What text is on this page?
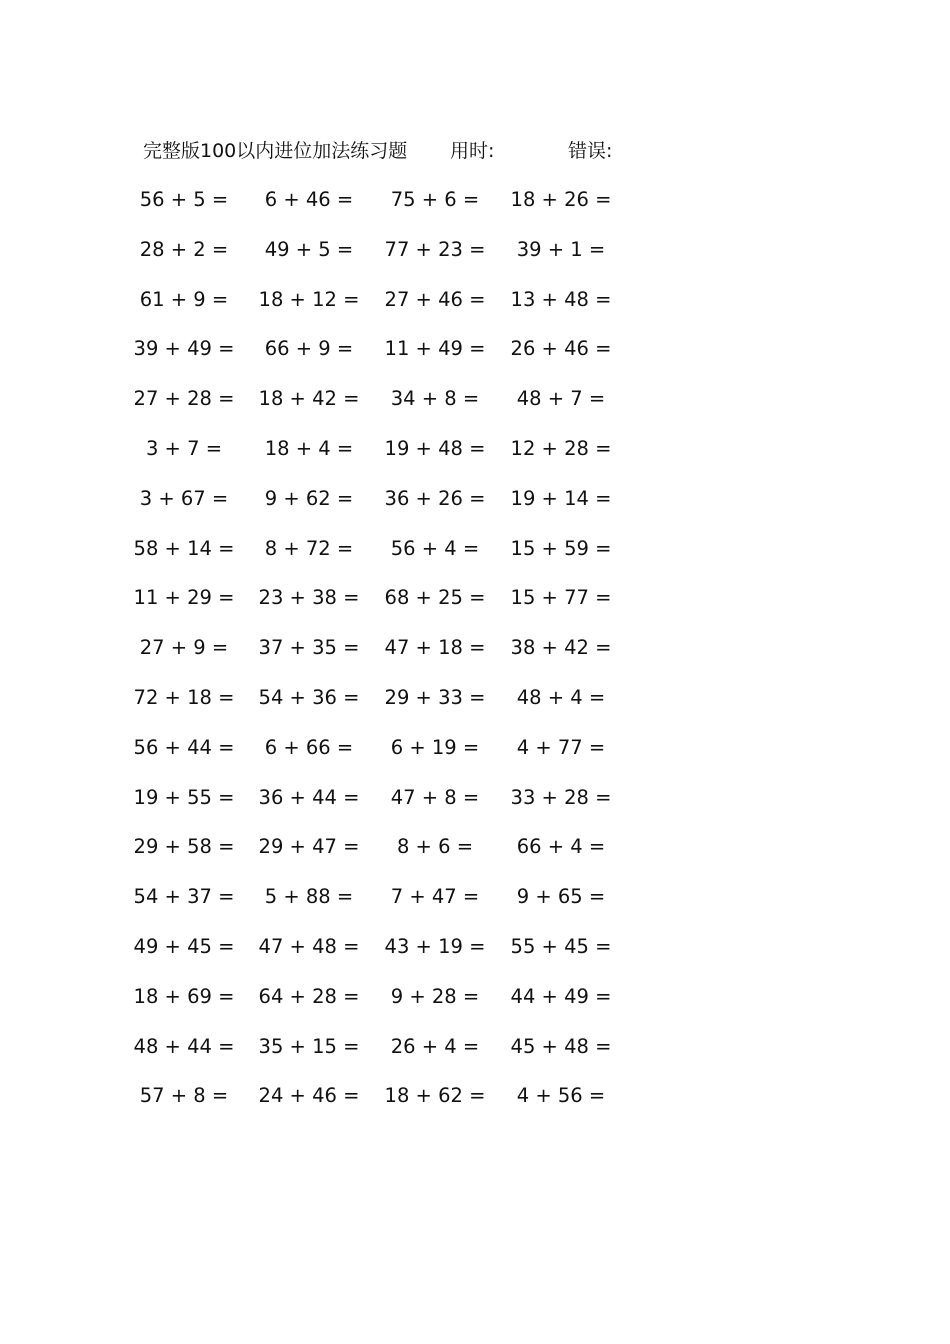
完整版100以内进位加法练习题 用时:	错误:
56 + 5 =	6 + 46 =	75 + 6 =	18 + 26 =
28 + 2 =	49 + 5 =	77 + 23 =	39 + 1 =
61 + 9 =	18 + 12 = 27 + 46 = 13 + 48 =
39 + 49 =	66 + 9 =	11 + 49 = 26 + 46 =
27 + 28 = 18 + 42 =	34 + 8 =	48 + 7 =
3 + 7 =	18 + 4 =	19 + 48 = 12 + 28 =
3 + 67 =	9 + 62 =	36 + 26 = 19 + 14 =
58 + 14 =	8 + 72 =	56 + 4 =	15 + 59 =
11 + 29 = 23 + 38 = 68 + 25 = 15 + 77 =
27 + 9 =	37 + 35 = 47 + 18 = 38 + 42 =
72 + 18 = 54 + 36 = 29 + 33 =	48 + 4 =
56 + 44 =	6 + 66 =	6 + 19 =	4 + 77 =
19 + 55 = 36 + 44 =	47 + 8 =	33 + 28 =
29 + 58 = 29 + 47 =	8 + 6 =	66 + 4 =
54 + 37 =	5 + 88 =	7 + 47 =	9 + 65 =
49 + 45 = 47 + 48 = 43 + 19 = 55 + 45 =
18 + 69 = 64 + 28 =	9 + 28 =	44 + 49 =
48 + 44 = 35 + 15 =	26 + 4 =	45 + 48 =
57 + 8 =	24 + 46 = 18 + 62 =	4 + 56 =
